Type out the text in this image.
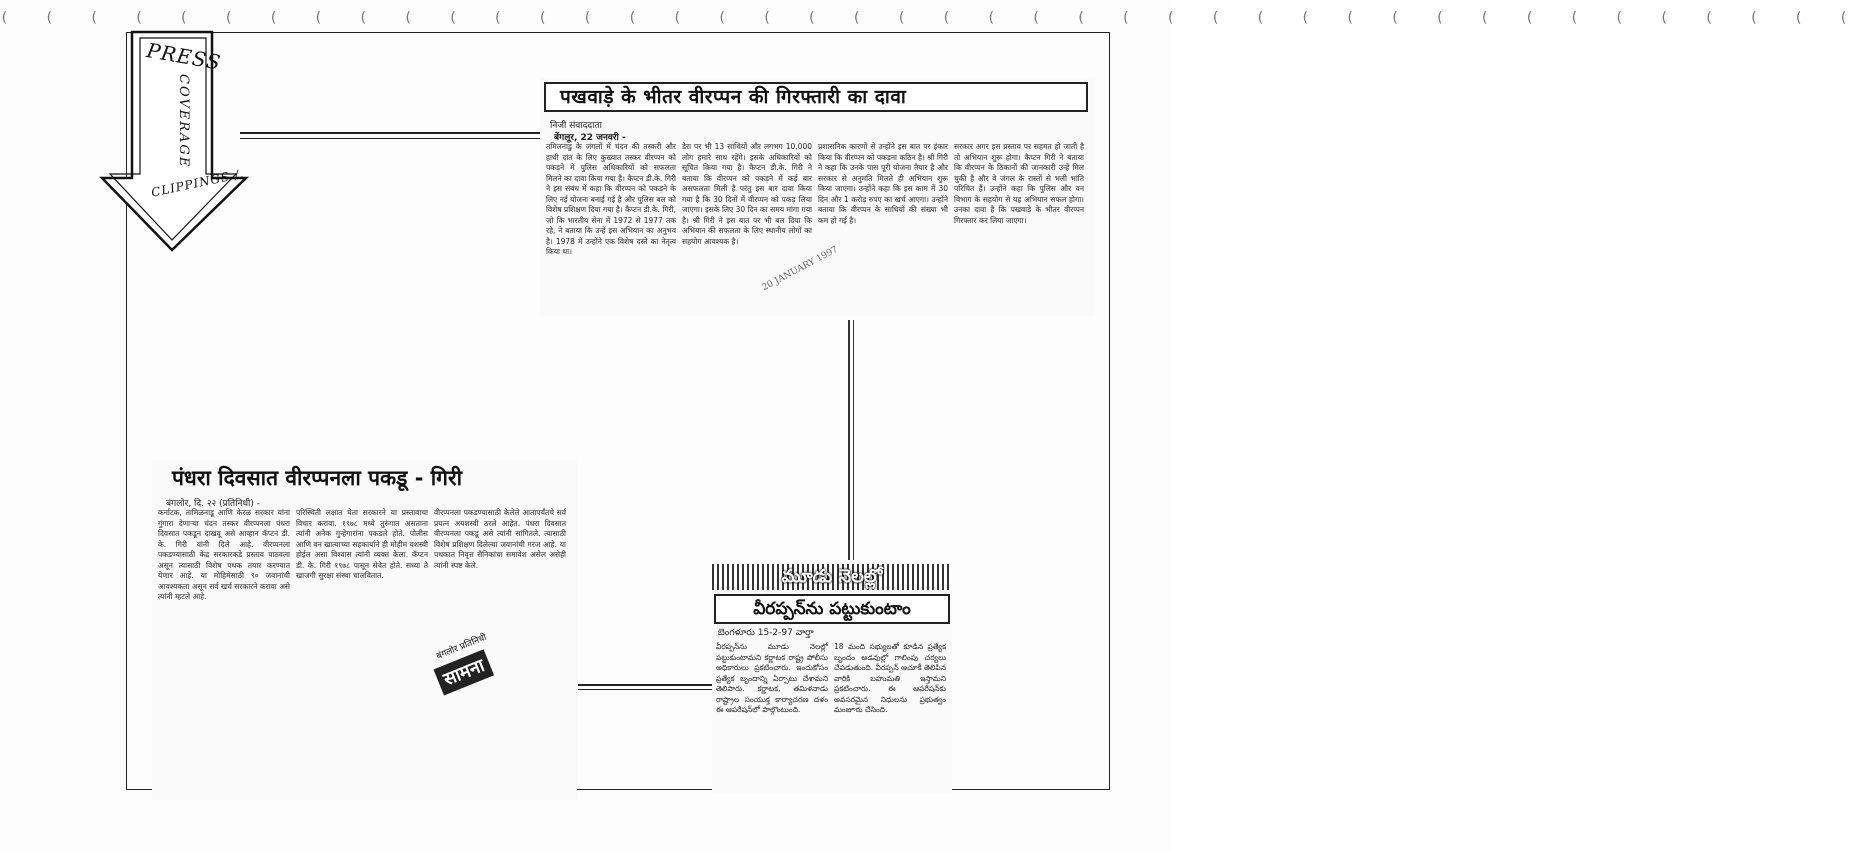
( ( ( ( ( ( ( ( ( ( ( ( ( ( ( ( ( ( ( ( ( ( ( ( ( ( ( ( ( ( ( ( ( ( ( ( ( ( ( ( ( (
PRESS
COVERAGE
CLIPPINGS /.
पखवाड़े के भीतर वीरप्पन की गिरफ्तारी का दावा
निजी संवाददाता
बेंगलूर, 22 जनवरी -
तमिलनाडु के जंगलों में चंदन की तस्करी और हाथी दांत के लिए कुख्यात तस्कर वीरप्पन को पकड़ने में पुलिस अधिकारियों को सफलता मिलने का दावा किया गया है। कैप्टन डी.के. गिरी ने इस संबंध में कहा कि वीरप्पन को पकड़ने के लिए नई योजना बनाई गई है और पुलिस बल को विशेष प्रशिक्षण दिया गया है। कैप्टन डी.के. गिरी, जो कि भारतीय सेना में 1972 से 1977 तक रहे, ने बताया कि उन्हें इस अभियान का अनुभव है। 1978 में उन्होंने एक विशेष दस्ते का नेतृत्व किया था।
डेरा पर भी 13 साथियों और लगभग 10,000 लोग हमारे साथ रहेंगे। इसके अधिकारियों को सूचित किया गया है। कैप्टन डी.के. गिरी ने बताया कि वीरप्पन को पकड़ने में कई बार असफलता मिली है परंतु इस बार दावा किया गया है कि 30 दिनों में वीरप्पन को पकड़ लिया जाएगा। इसके लिए 30 दिन का समय मांगा गया है। श्री गिरी ने इस बात पर भी बल दिया कि अभियान की सफलता के लिए स्थानीय लोगों का सहयोग आवश्यक है।
प्रशासनिक कारणों से उन्होंने इस बात पर इंकार किया कि वीरप्पन को पकड़ना कठिन है। श्री गिरी ने कहा कि उनके पास पूरी योजना तैयार है और सरकार से अनुमति मिलते ही अभियान शुरू किया जाएगा। उन्होंने कहा कि इस काम में 30 दिन और 1 करोड़ रुपए का खर्च आएगा। उन्होंने बताया कि वीरप्पन के साथियों की संख्या भी कम हो गई है।
सरकार अगर इस प्रस्ताव पर सहमत हो जाती है तो अभियान शुरू होगा। कैप्टन गिरी ने बताया कि वीरप्पन के ठिकानों की जानकारी उन्हें मिल चुकी है और वे जंगल के रास्तों से भली भांति परिचित हैं। उन्होंने कहा कि पुलिस और वन विभाग के सहयोग से यह अभियान सफल होगा। उनका दावा है कि पखवाड़े के भीतर वीरप्पन गिरफ्तार कर लिया जाएगा।
20 JANUARY 1997
पंधरा दिवसात वीरप्पनला पकडू - गिरी
बंगलोर, दि. २२ (प्रतिनिधी) -
कर्नाटक, तामिळनाडू आणि केरळ सरकार यांना गुंगारा देणाऱ्या चंदन तस्कर वीरप्पनला पंधरा दिवसात पकडून दाखवू असे आव्हान कॅप्टन डी. के. गिरी यांनी दिले आहे. वीरप्पनला पकडण्यासाठी केंद्र सरकारकडे प्रस्ताव पाठवला असून त्यासाठी विशेष पथक तयार करण्यात येणार आहे. या मोहिमेसाठी ९० जवानांची आवश्यकता असून सर्व खर्च सरकारने करावा असे त्यांनी म्हटले आहे.
परिस्थिती लक्षात घेता सरकारने या प्रस्तावाचा विचार करावा. १९७८ मध्ये तुरुंगात असताना त्यांनी अनेक गुन्हेगारांना पकडले होते. पोलीस आणि वन खात्याच्या सहकार्याने ही मोहीम यशस्वी होईल असा विश्वास त्यांनी व्यक्त केला. कॅप्टन डी. के. गिरी १९७८ पासून सेवेत होते. सध्या ते खाजगी सुरक्षा संस्था चालवितात.
वीरप्पनला पकडण्यासाठी केलेले आतापर्यंतचे सर्व प्रयत्न अयशस्वी ठरले आहेत. पंधरा दिवसात वीरप्पनला पकडू असे त्यांनी सांगितले. त्यासाठी विशेष प्रशिक्षण दिलेल्या जवानांची गरज आहे. या पथकात निवृत्त सैनिकांचा समावेश असेल असेही त्यांनी स्पष्ट केले.
बंगलोर प्रतिनिधी
सामना
మూడు నెలల్లో
వీరప్పన్‌ను పట్టుకుంటాం
బెంగళూరు 15-2-97 వార్తా
వీరప్పన్‌ను మూడు నెలల్లో పట్టుకుంటామని కర్ణాటక రాష్ట్ర పోలీసు అధికారులు ప్రకటించారు. ఇందుకోసం ప్రత్యేక బృందాన్ని ఏర్పాటు చేశామని తెలిపారు. కర్ణాటక, తమిళనాడు రాష్ట్రాల సంయుక్త కార్యాచరణ దళం ఈ ఆపరేషన్‌లో పాల్గొంటుంది.
18 మంది సభ్యులతో కూడిన ప్రత్యేక బృందం అడవుల్లో గాలింపు చర్యలు చేపడుతుంది. వీరప్పన్ ఆచూకీ తెలిపిన వారికి బహుమతి ఇస్తామని ప్రకటించారు. ఈ ఆపరేషన్‌కు అవసరమైన నిధులను ప్రభుత్వం మంజూరు చేసింది.
